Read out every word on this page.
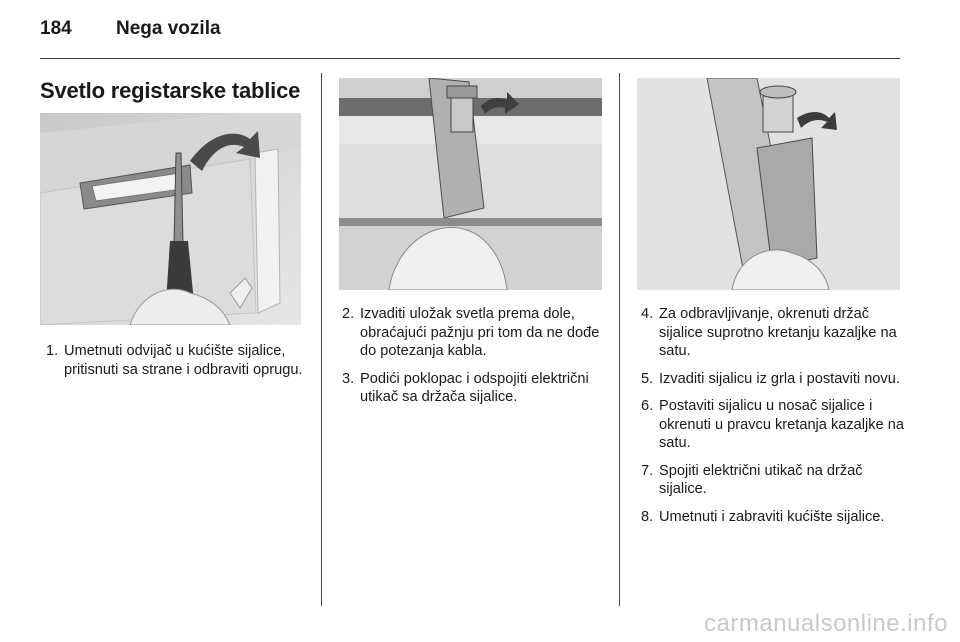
184 Nega vozila
Svetlo registarske tablice
1. Umetnuti odvijač u kućište sijalice, pritisnuti sa strane i odbraviti oprugu.
2. Izvaditi uložak svetla prema dole, obraćajući pažnju pri tom da ne dođe do potezanja kabla.
3. Podići poklopac i odspojiti električni utikač sa držača sijalice.
4. Za odbravljivanje, okrenuti držač sijalice suprotno kretanju kazaljke na satu.
5. Izvaditi sijalicu iz grla i postaviti novu.
6. Postaviti sijalicu u nosač sijalice i okrenuti u pravcu kretanja kazaljke na satu.
7. Spojiti električni utikač na držač sijalice.
8. Umetnuti i zabraviti kućište sijalice.
carmanualsonline.info
